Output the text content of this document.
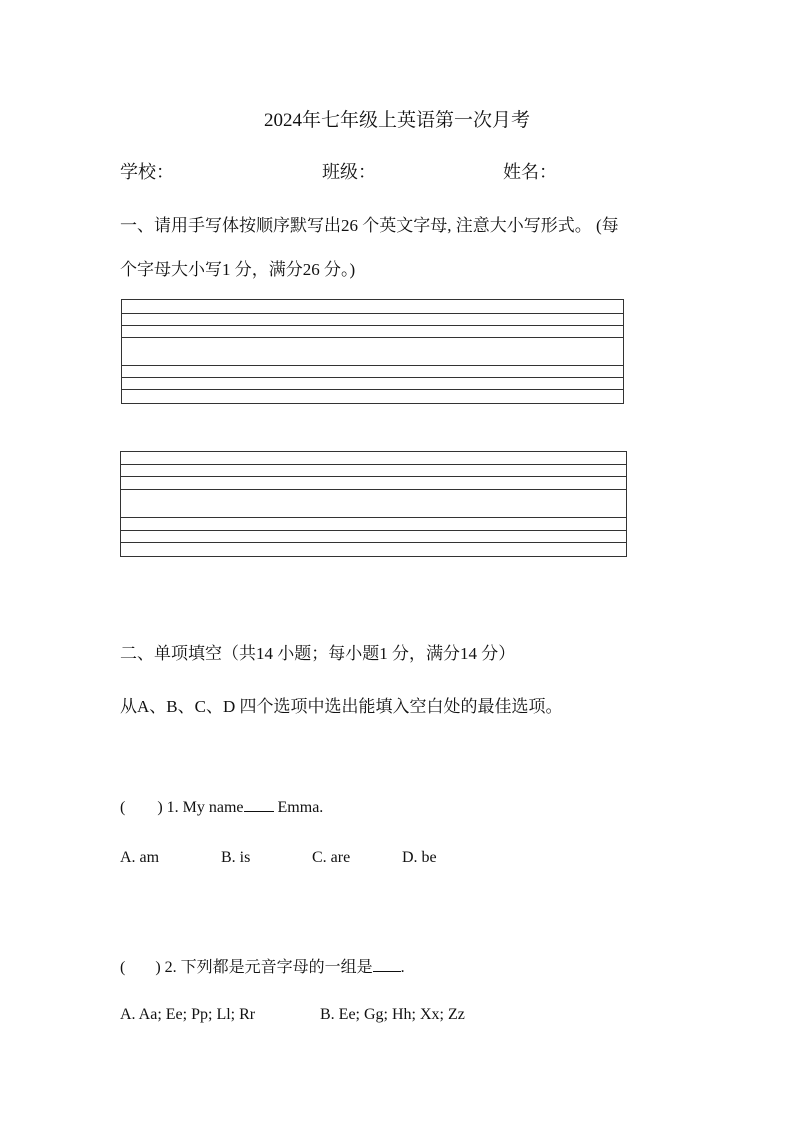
2024年七年级上英语第一次月考
学校：	班级：	姓名：
一、请用手写体按顺序默写出26 个英文字母, 注意大小写形式。 (每
个字母大小写1 分，满分26 分。)
二、单项填空（共14 小题；每小题1 分，满分14 分）
从A、B、C、D 四个选项中选出能填入空白处的最佳选项。
( ) 1. My name Emma.
A. am	B. is	C. are	D. be
( ) 2. 下列都是元音字母的一组是 .
A. Aa; Ee; Pp; Ll; Rr	B. Ee; Gg; Hh; Xx; Zz
